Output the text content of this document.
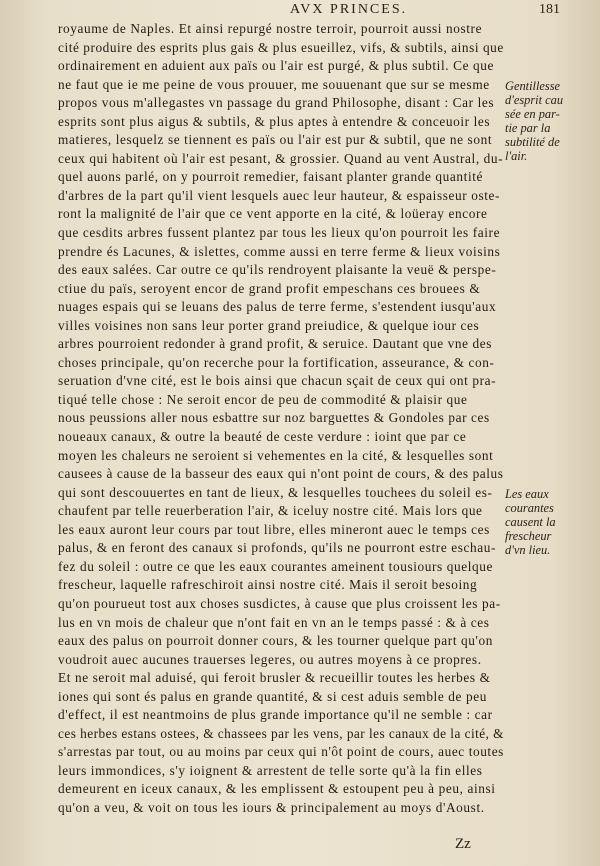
AVX PRINCES.	181
royaume de Naples. Et ainsi repurgé nostre terroir, pourroit aussi nostre
cité produire des esprits plus gais & plus esueillez, vifs, & subtils, ainsi que
ordinairement en aduient aux païs ou l'air est purgé, & plus subtil. Ce que
ne faut que ie me peine de vous prouuer, me souuenant que sur se mesme
propos vous m'allegastes vn passage du grand Philosophe, disant : Car les
esprits sont plus aigus & subtils, & plus aptes à entendre & conceuoir les
matieres, lesquelz se tiennent es païs ou l'air est pur & subtil, que ne sont
ceux qui habitent où l'air est pesant, & grossier. Quand au vent Austral, du-
quel auons parlé, on y pourroit remedier, faisant planter grande quantité
d'arbres de la part qu'il vient lesquels auec leur hauteur, & espaisseur oste-
ront la malignité de l'air que ce vent apporte en la cité, & loüeray encore
que cesdits arbres fussent plantez par tous les lieux qu'on pourroit les faire
prendre és Lacunes, & islettes, comme aussi en terre ferme & lieux voisins
des eaux salées. Car outre ce qu'ils rendroyent plaisante la veuë & perspe-
ctiue du païs, seroyent encor de grand profit empeschans ces brouees &
nuages espais qui se leuans des palus de terre ferme, s'estendent iusqu'aux
villes voisines non sans leur porter grand preiudice, & quelque iour ces
arbres pourroient redonder à grand profit, & seruice. Dautant que vne des
choses principale, qu'on recerche pour la fortification, asseurance, & con-
seruation d'vne cité, est le bois ainsi que chacun sçait de ceux qui ont pra-
tiqué telle chose : Ne seroit encor de peu de commodité & plaisir que
nous peussions aller nous esbattre sur noz barguettes & Gondoles par ces
noueaux canaux, & outre la beauté de ceste verdure : ioint que par ce
moyen les chaleurs ne seroient si vehementes en la cité, & lesquelles sont
causees à cause de la basseur des eaux qui n'ont point de cours, & des palus
qui sont descouuertes en tant de lieux, & lesquelles touchees du soleil es-
chaufent par telle reuerberation l'air, & iceluy nostre cité. Mais lors que
les eaux auront leur cours par tout libre, elles mineront auec le temps ces
palus, & en feront des canaux si profonds, qu'ils ne pourront estre eschau-
fez du soleil : outre ce que les eaux courantes ameinent tousiours quelque
frescheur, laquelle rafreschiroit ainsi nostre cité. Mais il seroit besoing
qu'on pourueut tost aux choses susdictes, à cause que plus croissent les pa-
lus en vn mois de chaleur que n'ont fait en vn an le temps passé : & à ces
eaux des palus on pourroit donner cours, & les tourner quelque part qu'on
voudroit auec aucunes trauerses legeres, ou autres moyens à ce propres.
Et ne seroit mal aduisé, qui feroit brusler & recueillir toutes les herbes &
iones qui sont és palus en grande quantité, & si cest aduis semble de peu
d'effect, il est neantmoins de plus grande importance qu'il ne semble : car
ces herbes estans ostees, & chassees par les vens, par les canaux de la cité, &
s'arrestas par tout, ou au moins par ceux qui n'ôt point de cours, auec toutes
leurs immondices, s'y ioignent & arrestent de telle sorte qu'à la fin elles
demeurent en iceux canaux, & les emplissent & estoupent peu à peu, ainsi
qu'on a veu, & voit on tous les iours & principalement au moys d'Aoust.
Gentillesse
d'esprit cau
sée en par-
tie par la
subtilité de
l'air.
Les eaux
courantes
causent la
frescheur
d'vn lieu.
Zz
